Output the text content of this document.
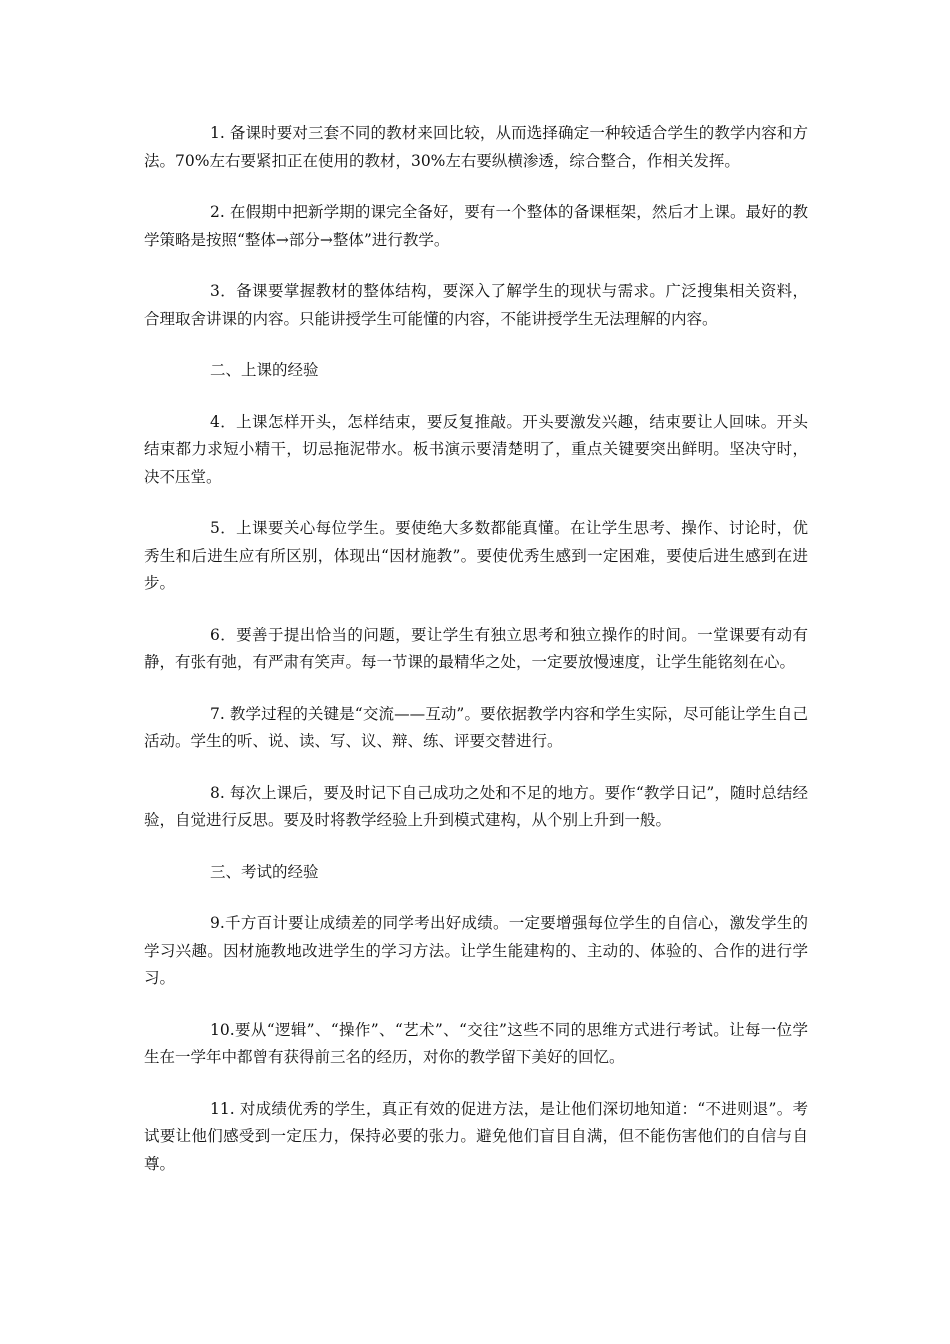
1. 备课时要对三套不同的教材来回比较，从而选择确定一种较适合学生的教学内容和方法。70%左右要紧扣正在使用的教材，30%左右要纵横渗透，综合整合，作相关发挥。

2. 在假期中把新学期的课完全备好，要有一个整体的备课框架，然后才上课。最好的教学策略是按照“整体→部分→整体”进行教学。

3．备课要掌握教材的整体结构，要深入了解学生的现状与需求。广泛搜集相关资料，合理取舍讲课的内容。只能讲授学生可能懂的内容，不能讲授学生无法理解的内容。

二、上课的经验

4．上课怎样开头，怎样结束，要反复推敲。开头要激发兴趣，结束要让人回味。开头结束都力求短小精干，切忌拖泥带水。板书演示要清楚明了，重点关键要突出鲜明。坚决守时，决不压堂。

5．上课要关心每位学生。要使绝大多数都能真懂。在让学生思考、操作、讨论时，优秀生和后进生应有所区别，体现出“因材施教”。要使优秀生感到一定困难，要使后进生感到在进步。

6．要善于提出恰当的问题，要让学生有独立思考和独立操作的时间。一堂课要有动有静，有张有弛，有严肃有笑声。每一节课的最精华之处，一定要放慢速度，让学生能铭刻在心。

7. 教学过程的关键是“交流——互动”。要依据教学内容和学生实际，尽可能让学生自己活动。学生的听、说、读、写、议、辩、练、评要交替进行。

8. 每次上课后，要及时记下自己成功之处和不足的地方。要作“教学日记”，随时总结经验，自觉进行反思。要及时将教学经验上升到模式建构，从个别上升到一般。

三、考试的经验

9.千方百计要让成绩差的同学考出好成绩。一定要增强每位学生的自信心，激发学生的学习兴趣。因材施教地改进学生的学习方法。让学生能建构的、主动的、体验的、合作的进行学习。

10.要从“逻辑”、“操作”、“艺术”、“交往”这些不同的思维方式进行考试。让每一位学生在一学年中都曾有获得前三名的经历，对你的教学留下美好的回忆。

11. 对成绩优秀的学生，真正有效的促进方法，是让他们深切地知道：“不进则退”。考试要让他们感受到一定压力，保持必要的张力。避免他们盲目自满，但不能伤害他们的自信与自尊。
